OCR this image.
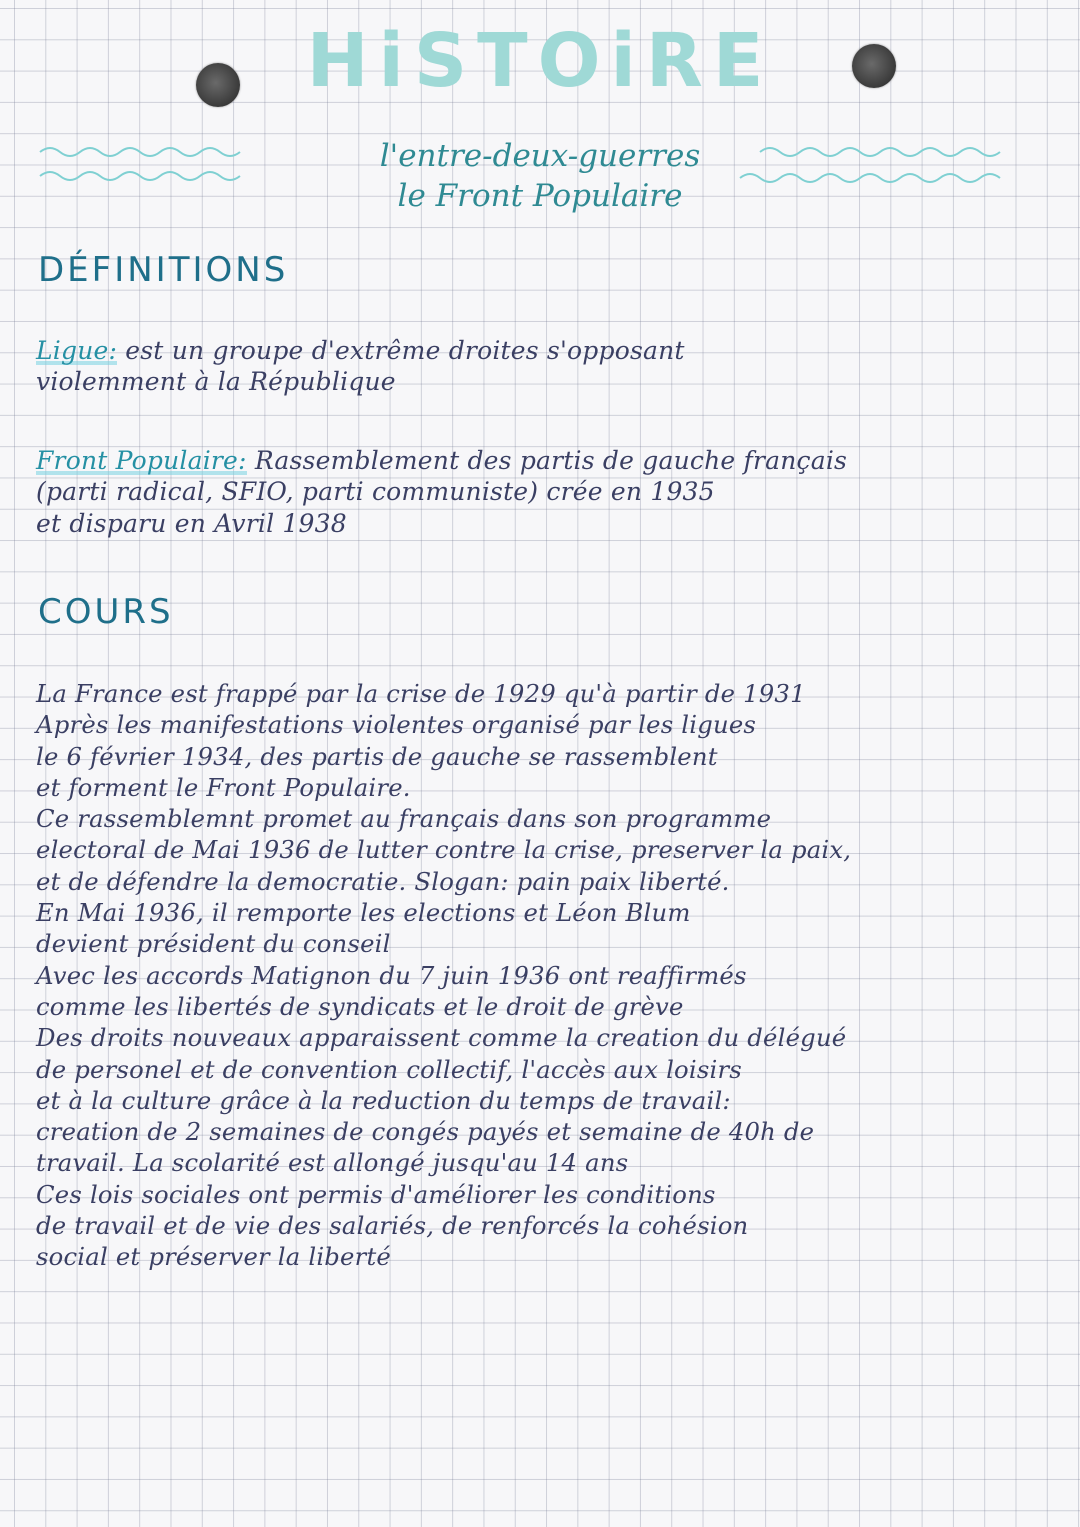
HiSTOiRE
l'entre-deux-guerres
le Front Populaire
DÉFINITIONS

Ligue: est un groupe d'extrême droites s'opposant

violemment à la République

Front Populaire: Rassemblement des partis de gauche français

(parti radical, SFIO, parti communiste) crée en 1935

et disparu en Avril 1938

COURS

La France est frappé par la crise de 1929 qu'à partir de 1931

Après les manifestations violentes organisé par les ligues

le 6 février 1934, des partis de gauche se rassemblent

et forment le Front Populaire.

Ce rassemblemnt promet au français dans son programme

electoral de Mai 1936 de lutter contre la crise, preserver la paix,

et de défendre la democratie. Slogan: pain paix liberté.

En Mai 1936, il remporte les elections et Léon Blum

devient président du conseil

Avec les accords Matignon du 7 juin 1936 ont reaffirmés

comme les libertés de syndicats et le droit de grève

Des droits nouveaux apparaissent comme la creation du délégué

de personel et de convention collectif, l'accès aux loisirs

et à la culture grâce à la reduction du temps de travail:

creation de 2 semaines de congés payés et semaine de 40h de

travail. La scolarité est allongé jusqu'au 14 ans

Ces lois sociales ont permis d'améliorer les conditions

de travail et de vie des salariés, de renforcés la cohésion

social et préserver la liberté
